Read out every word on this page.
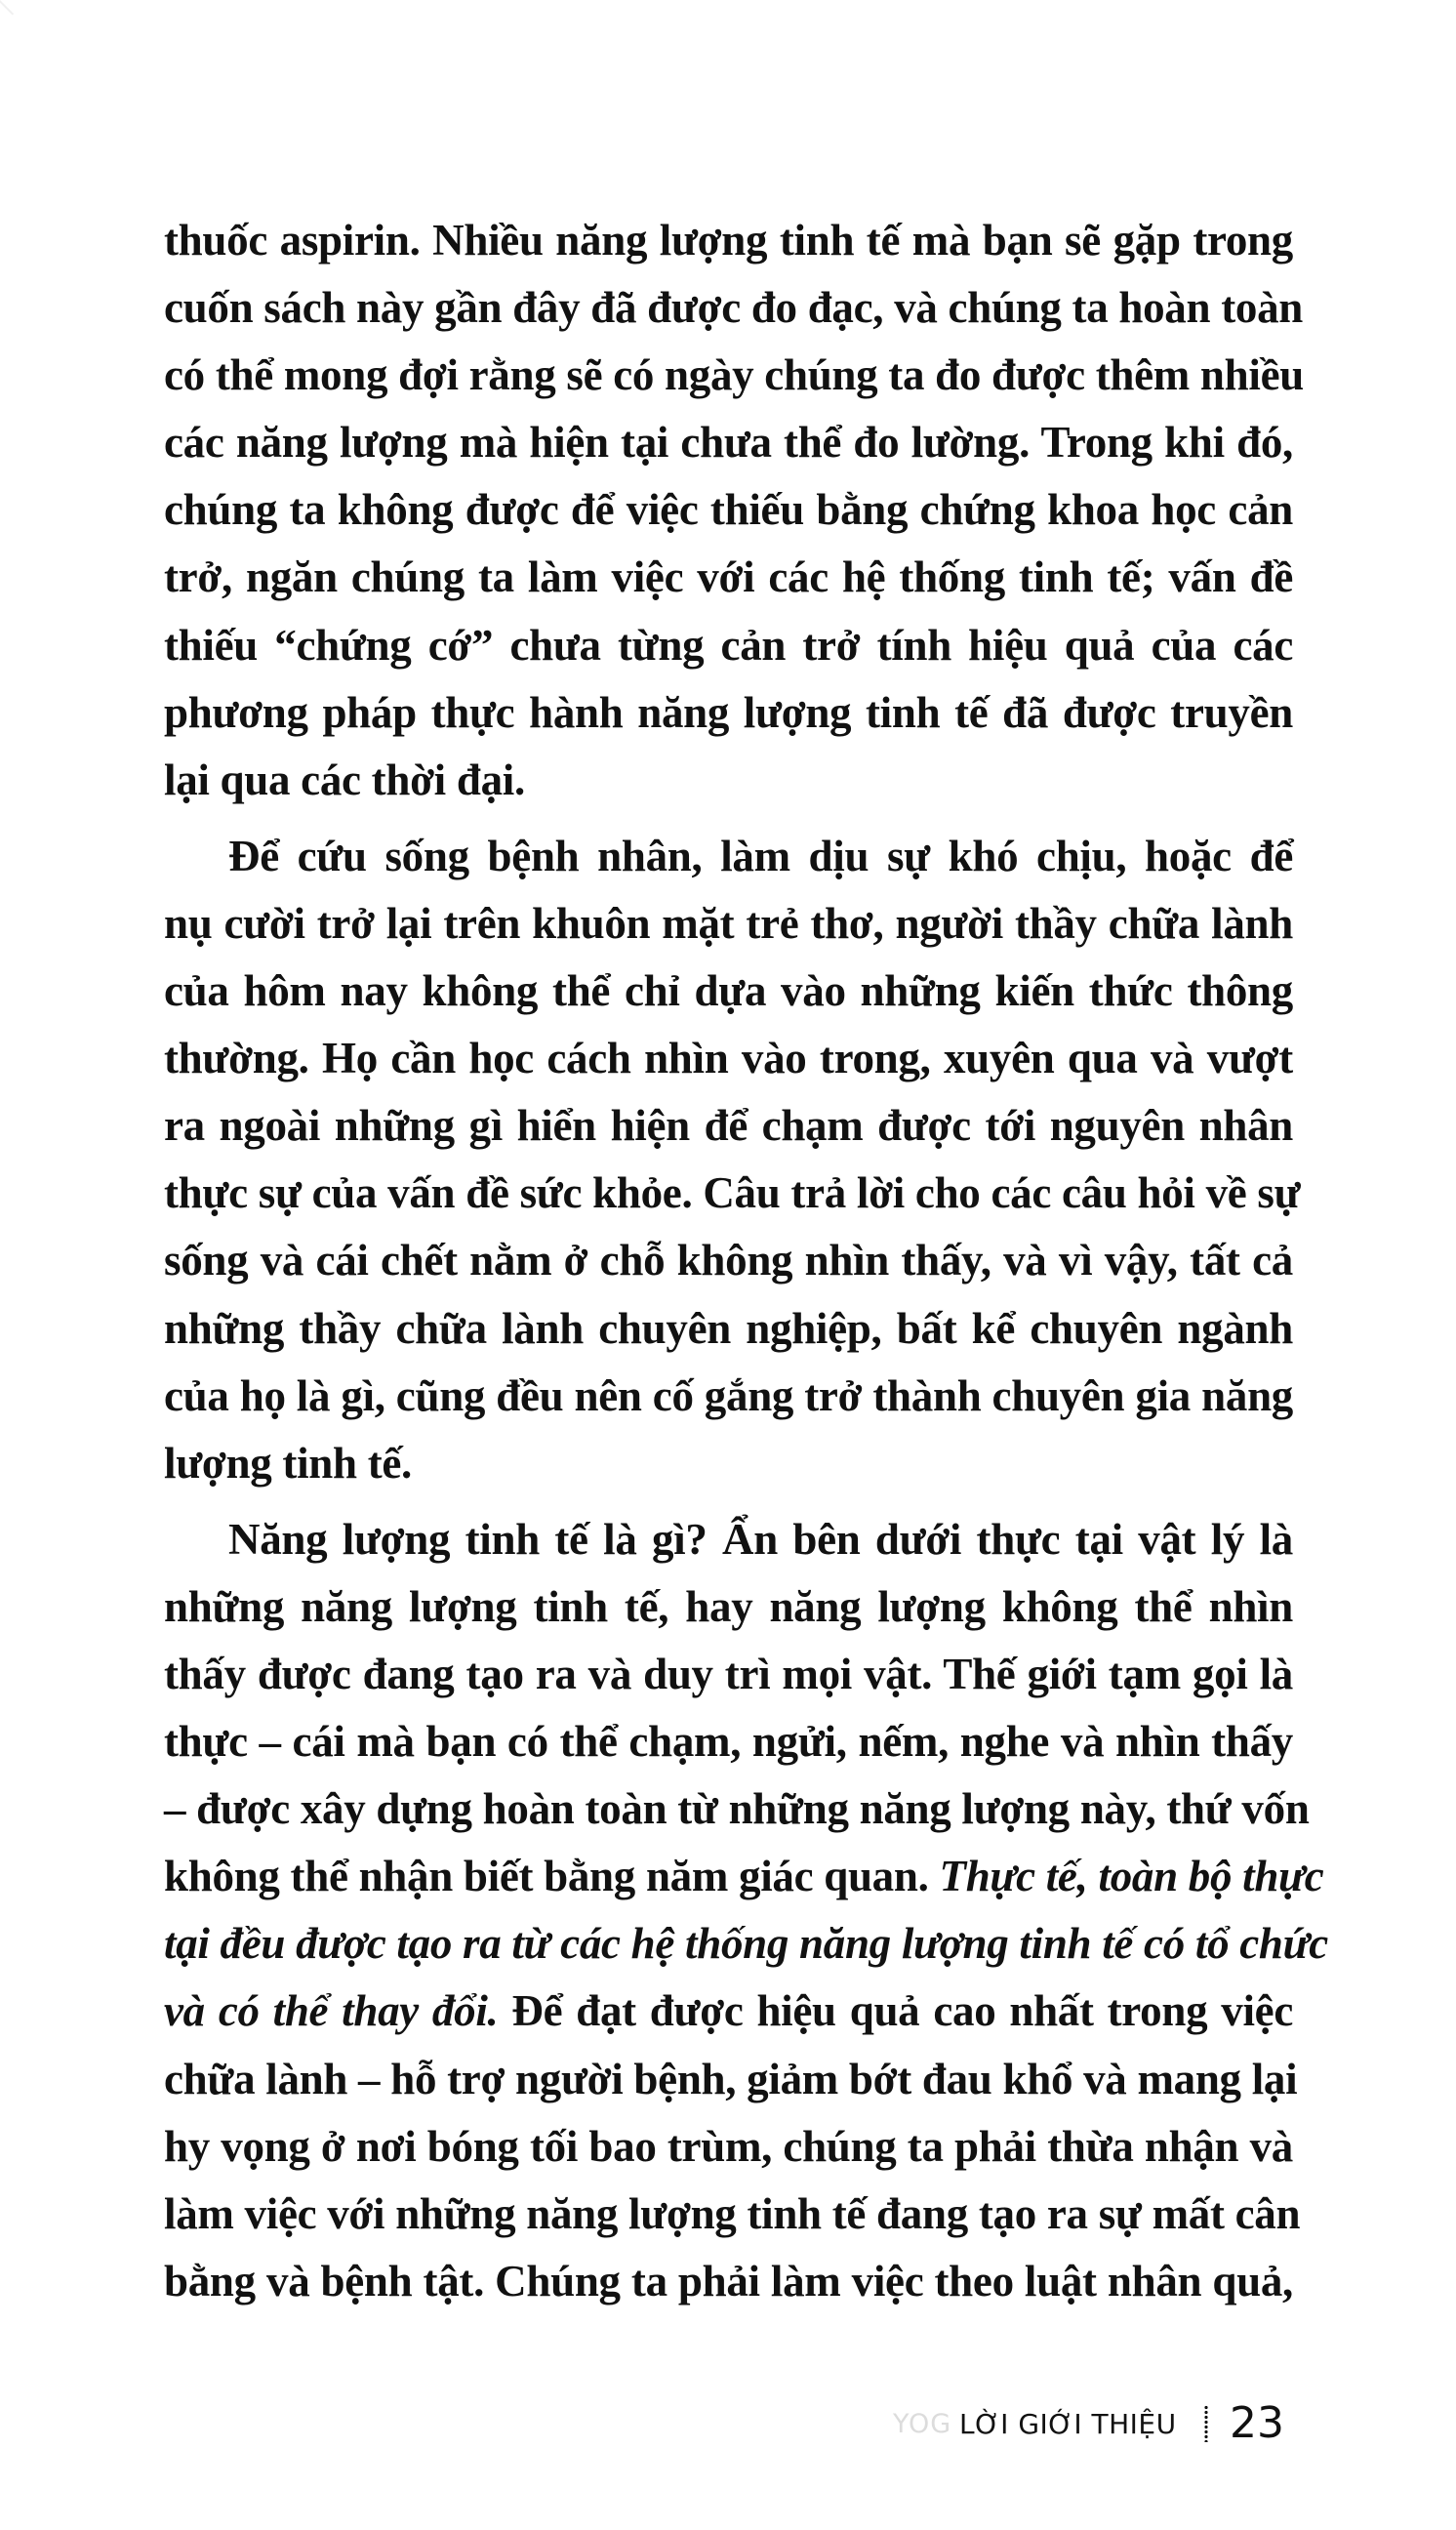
thuốc aspirin. Nhiều năng lượng tinh tế mà bạn sẽ gặp trong
cuốn sách này gần đây đã được đo đạc, và chúng ta hoàn toàn
có thể mong đợi rằng sẽ có ngày chúng ta đo được thêm nhiều
các năng lượng mà hiện tại chưa thể đo lường. Trong khi đó,
chúng ta không được để việc thiếu bằng chứng khoa học cản
trở, ngăn chúng ta làm việc với các hệ thống tinh tế; vấn đề
thiếu “chứng cớ” chưa từng cản trở tính hiệu quả của các
phương pháp thực hành năng lượng tinh tế đã được truyền
lại qua các thời đại.
Để cứu sống bệnh nhân, làm dịu sự khó chịu, hoặc để
nụ cười trở lại trên khuôn mặt trẻ thơ, người thầy chữa lành
của hôm nay không thể chỉ dựa vào những kiến thức thông
thường. Họ cần học cách nhìn vào trong, xuyên qua và vượt
ra ngoài những gì hiển hiện để chạm được tới nguyên nhân
thực sự của vấn đề sức khỏe. Câu trả lời cho các câu hỏi về sự
sống và cái chết nằm ở chỗ không nhìn thấy, và vì vậy, tất cả
những thầy chữa lành chuyên nghiệp, bất kể chuyên ngành
của họ là gì, cũng đều nên cố gắng trở thành chuyên gia năng
lượng tinh tế.
Năng lượng tinh tế là gì? Ẩn bên dưới thực tại vật lý là
những năng lượng tinh tế, hay năng lượng không thể nhìn
thấy được đang tạo ra và duy trì mọi vật. Thế giới tạm gọi là
thực – cái mà bạn có thể chạm, ngửi, nếm, nghe và nhìn thấy
– được xây dựng hoàn toàn từ những năng lượng này, thứ vốn
không thể nhận biết bằng năm giác quan. Thực tế, toàn bộ thực
tại đều được tạo ra từ các hệ thống năng lượng tinh tế có tổ chức
và có thể thay đổi. Để đạt được hiệu quả cao nhất trong việc
chữa lành – hỗ trợ người bệnh, giảm bớt đau khổ và mang lại
hy vọng ở nơi bóng tối bao trùm, chúng ta phải thừa nhận và
làm việc với những năng lượng tinh tế đang tạo ra sự mất cân
bằng và bệnh tật. Chúng ta phải làm việc theo luật nhân quả,
YOG LỜI GIỚI THIỆU 23
